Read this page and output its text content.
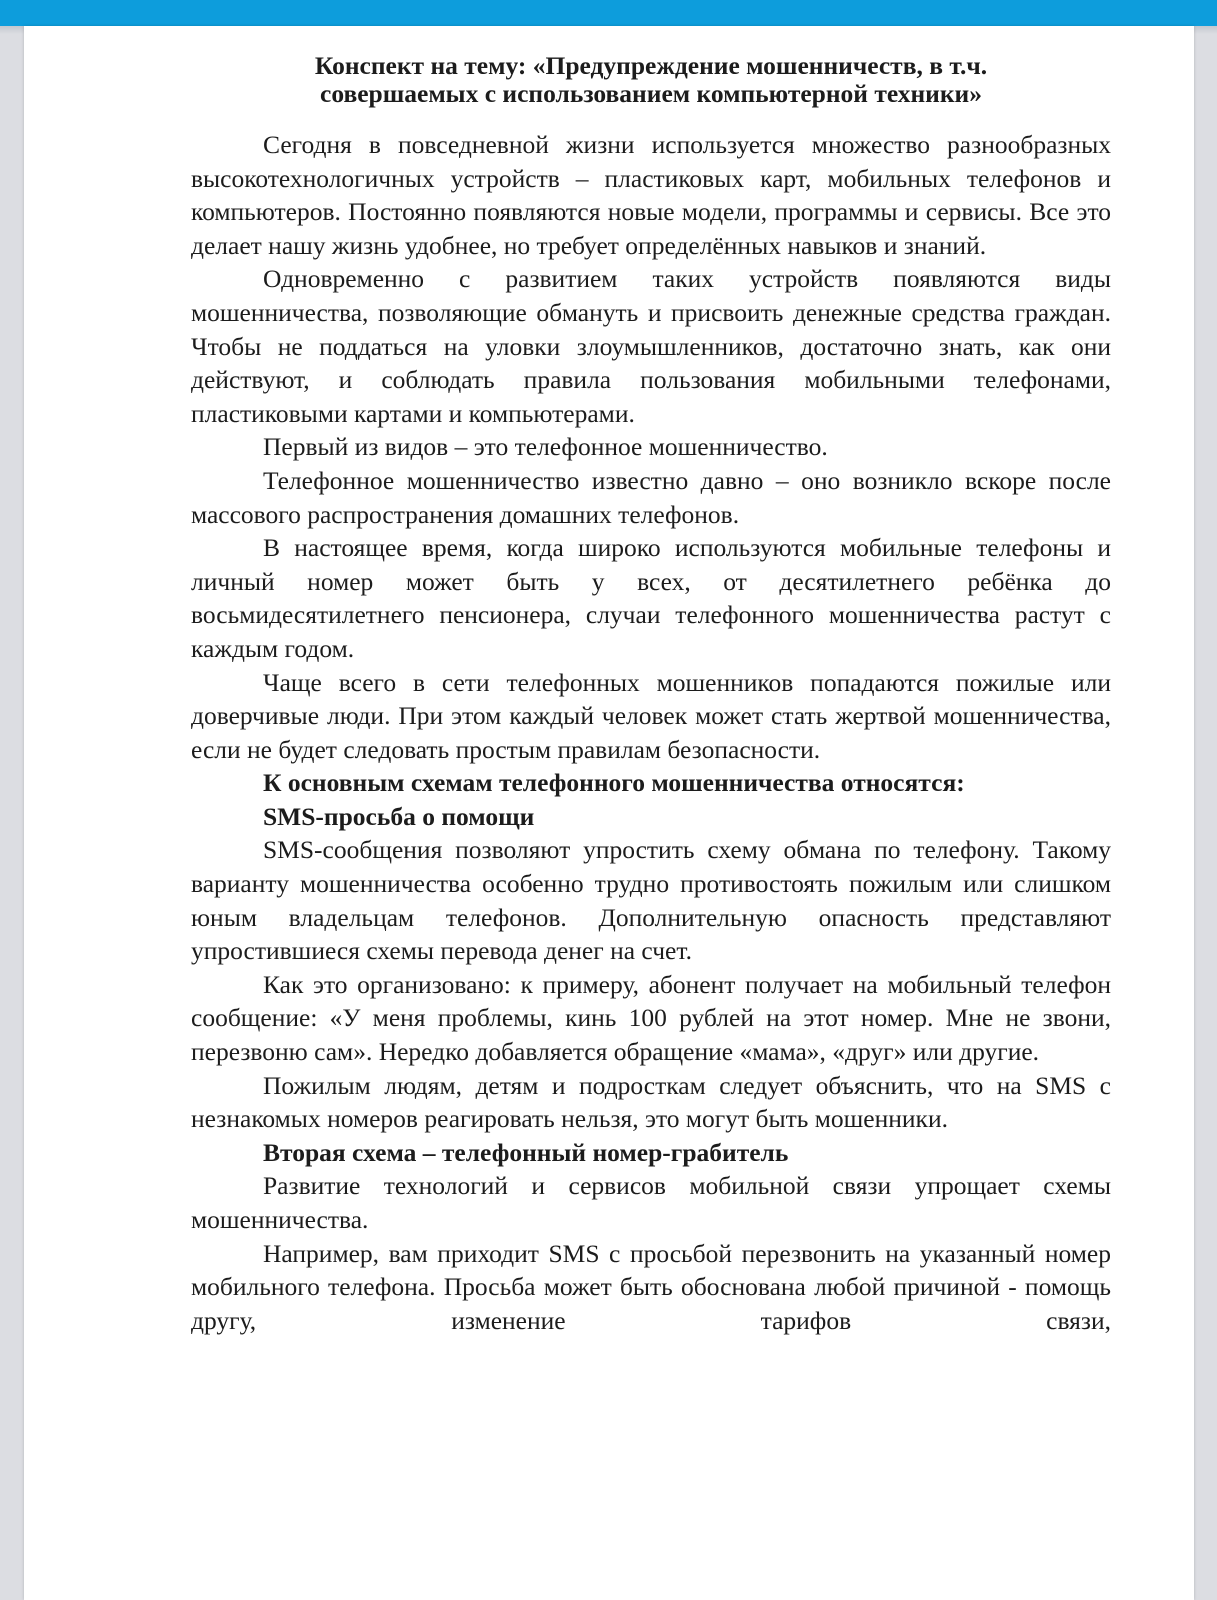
Конспект на тему: «Предупреждение мошенничеств, в т.ч.
совершаемых с использованием компьютерной техники»

Сегодня в повседневной жизни используется множество разнообразных высокотехнологичных устройств – пластиковых карт, мобильных телефонов и компьютеров. Постоянно появляются новые модели, программы и сервисы. Все это делает нашу жизнь удобнее, но требует определённых навыков и знаний.

Одновременно с развитием таких устройств появляются виды мошенничества, позволяющие обмануть и присвоить денежные средства граждан. Чтобы не поддаться на уловки злоумышленников, достаточно знать, как они действуют, и соблюдать правила пользования мобильными телефонами, пластиковыми картами и компьютерами.

Первый из видов – это телефонное мошенничество.

Телефонное мошенничество известно давно – оно возникло вскоре после массового распространения домашних телефонов.

В настоящее время, когда широко используются мобильные телефоны и личный номер может быть у всех, от десятилетнего ребёнка до восьмидесятилетнего пенсионера, случаи телефонного мошенничества растут с каждым годом.

Чаще всего в сети телефонных мошенников попадаются пожилые или доверчивые люди. При этом каждый человек может стать жертвой мошенничества, если не будет следовать простым правилам безопасности.

К основным схемам телефонного мошенничества относятся:

SMS-просьба о помощи

SMS-сообщения позволяют упростить схему обмана по телефону. Такому варианту мошенничества особенно трудно противостоять пожилым или слишком юным владельцам телефонов. Дополнительную опасность представляют упростившиеся схемы перевода денег на счет.

Как это организовано: к примеру, абонент получает на мобильный телефон сообщение: «У меня проблемы, кинь 100 рублей на этот номер. Мне не звони, перезвоню сам». Нередко добавляется обращение «мама», «друг» или другие.

Пожилым людям, детям и подросткам следует объяснить, что на SMS с незнакомых номеров реагировать нельзя, это могут быть мошенники.

Вторая схема – телефонный номер-грабитель

Развитие технологий и сервисов мобильной связи упрощает схемы мошенничества.

Например, вам приходит SMS с просьбой перезвонить на указанный номер мобильного телефона. Просьба может быть обоснована любой причиной - помощь другу, изменение тарифов связи,
